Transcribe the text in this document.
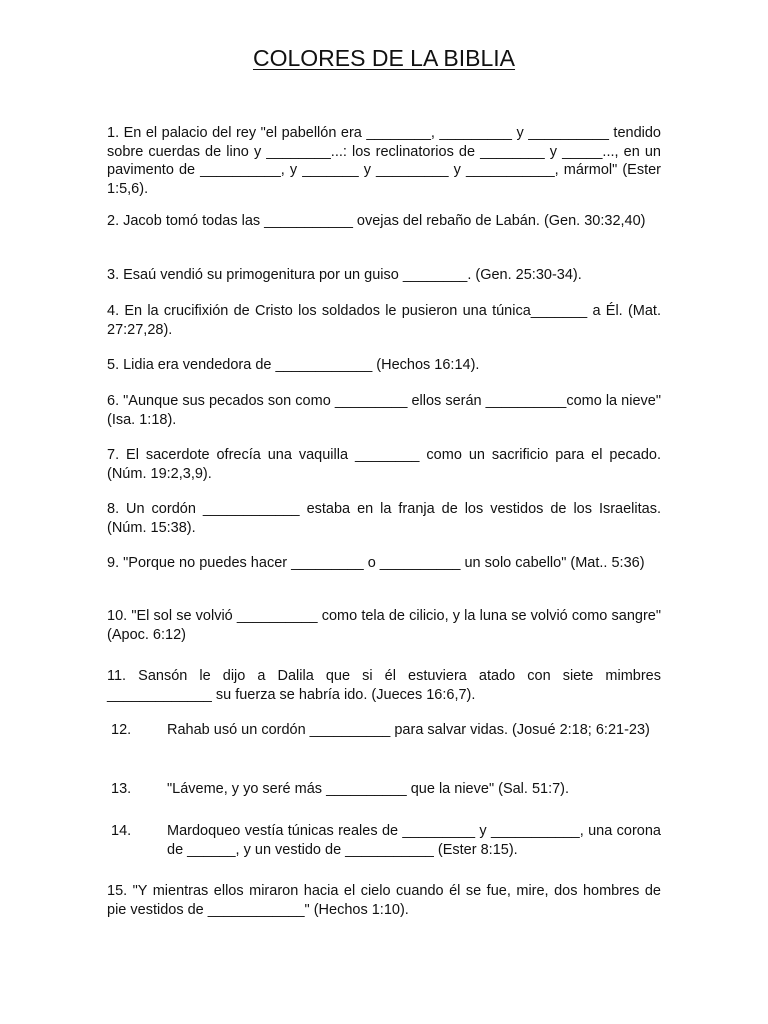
COLORES DE LA BIBLIA

1. En el palacio del rey "el pabellón era ________, _________ y __________ tendido sobre cuerdas de lino y ________...: los reclinatorios de ________ y _____..., en un pavimento de __________, y _______ y _________ y ___________, mármol" (Ester 1:5,6).

2. Jacob tomó todas las ___________ ovejas del rebaño de Labán. (Gen. 30:32,40)

3. Esaú vendió su primogenitura por un guiso ________. (Gen. 25:30-34).

4. En la crucifixión de Cristo los soldados le pusieron una túnica_______ a Él. (Mat. 27:27,28).

5. Lidia era vendedora de ____________ (Hechos 16:14).

6. "Aunque sus pecados son como _________ ellos serán __________como la nieve" (Isa. 1:18).

7. El sacerdote ofrecía una vaquilla ________ como un sacrificio para el pecado. (Núm. 19:2,3,9).

8. Un cordón ____________ estaba en la franja de los vestidos de los Israelitas. (Núm. 15:38).

9. "Porque no puedes hacer _________ o __________ un solo cabello" (Mat.. 5:36)

10. "El sol se volvió __________ como tela de cilicio, y la luna se volvió como sangre" (Apoc. 6:12)

11. Sansón le dijo a Dalila que si él estuviera atado con siete mimbres _____________ su fuerza se habría ido. (Jueces 16:6,7).

12. Rahab usó un cordón __________ para salvar vidas. (Josué 2:18; 6:21-23)

13. "Láveme, y yo seré más __________ que la nieve" (Sal. 51:7).

14. Mardoqueo vestía túnicas reales de _________ y ___________, una corona de ______, y un vestido de ___________ (Ester 8:15).

15. "Y mientras ellos miraron hacia el cielo cuando él se fue, mire, dos hombres de pie vestidos de ____________" (Hechos 1:10).
